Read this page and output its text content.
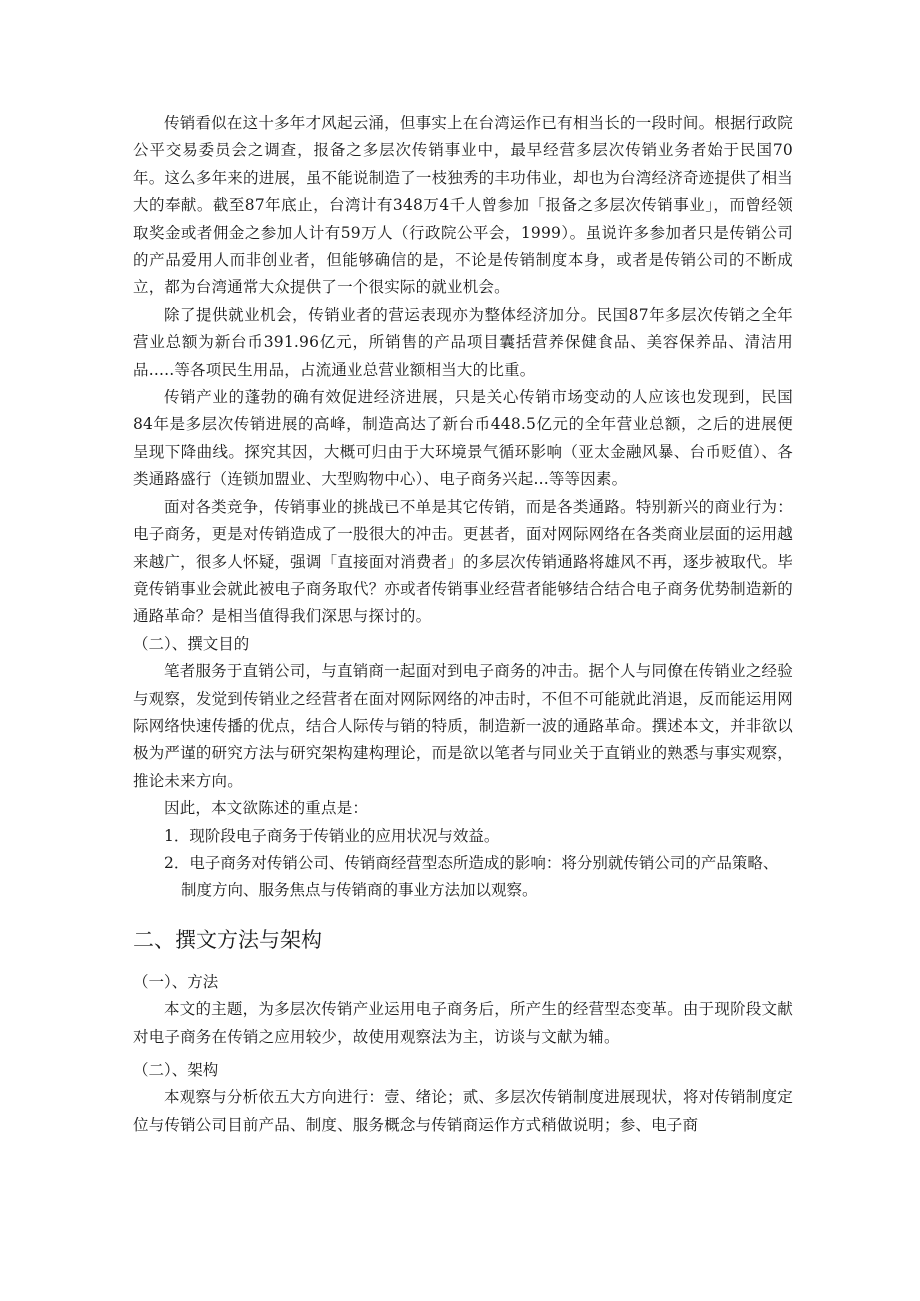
传销看似在这十多年才风起云涌，但事实上在台湾运作已有相当长的一段时间。根据行政院公平交易委员会之调查，报备之多层次传销事业中，最早经营多层次传销业务者始于民国70年。这么多年来的进展，虽不能说制造了一枝独秀的丰功伟业，却也为台湾经济奇迹提供了相当大的奉献。截至87年底止，台湾计有348万4千人曾参加「报备之多层次传销事业」，而曾经领取奖金或者佣金之参加人计有59万人（行政院公平会，1999）。虽说许多参加者只是传销公司的产品爱用人而非创业者，但能够确信的是，不论是传销制度本身，或者是传销公司的不断成立，都为台湾通常大众提供了一个很实际的就业机会。

除了提供就业机会，传销业者的营运表现亦为整体经济加分。民国87年多层次传销之全年营业总额为新台币391.96亿元，所销售的产品项目囊括营养保健食品、美容保养品、清洁用品.....等各项民生用品，占流通业总营业额相当大的比重。

传销产业的蓬勃的确有效促进经济进展，只是关心传销市场变动的人应该也发现到，民国84年是多层次传销进展的高峰，制造高达了新台币448.5亿元的全年营业总额，之后的进展便呈现下降曲线。探究其因，大概可归由于大环境景气循环影响（亚太金融风暴、台币贬值）、各类通路盛行（连锁加盟业、大型购物中心）、电子商务兴起...等等因素。

面对各类竞争，传销事业的挑战已不单是其它传销，而是各类通路。特别新兴的商业行为：电子商务，更是对传销造成了一股很大的冲击。更甚者，面对网际网络在各类商业层面的运用越来越广，很多人怀疑，强调「直接面对消费者」的多层次传销通路将雄风不再，逐步被取代。毕竟传销事业会就此被电子商务取代？亦或者传销事业经营者能够结合结合电子商务优势制造新的通路革命？是相当值得我们深思与探讨的。

（二）、撰文目的

笔者服务于直销公司，与直销商一起面对到电子商务的冲击。据个人与同僚在传销业之经验与观察，发觉到传销业之经营者在面对网际网络的冲击时，不但不可能就此消退，反而能运用网际网络快速传播的优点，结合人际传与销的特质，制造新一波的通路革命。撰述本文，并非欲以极为严谨的研究方法与研究架构建构理论，而是欲以笔者与同业关于直销业的熟悉与事实观察，推论未来方向。

因此，本文欲陈述的重点是：

1．现阶段电子商务于传销业的应用状况与效益。

2．电子商务对传销公司、传销商经营型态所造成的影响：将分别就传销公司的产品策略、制度方向、服务焦点与传销商的事业方法加以观察。

二、撰文方法与架构

（一）、方法

本文的主题，为多层次传销产业运用电子商务后，所产生的经营型态变革。由于现阶段文献对电子商务在传销之应用较少，故使用观察法为主，访谈与文献为辅。

（二）、架构

本观察与分析依五大方向进行：壹、绪论；贰、多层次传销制度进展现状，将对传销制度定位与传销公司目前产品、制度、服务概念与传销商运作方式稍做说明；参、电子商
